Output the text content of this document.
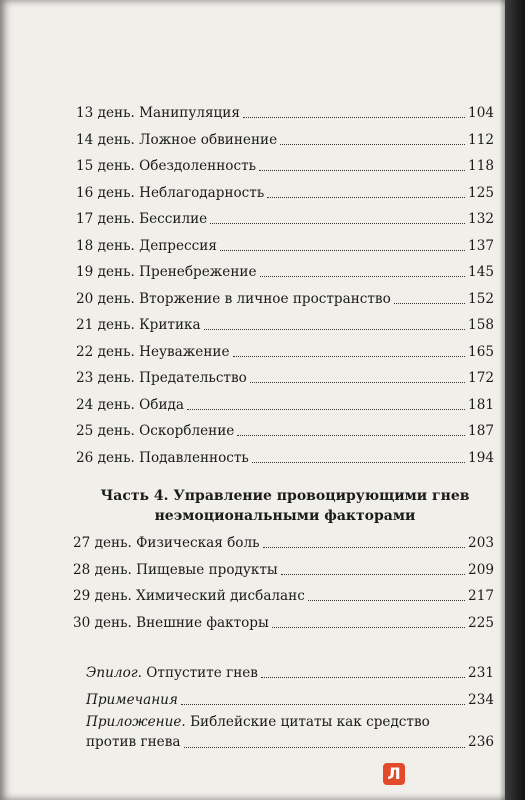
13 день. Манипуляция	104
14 день. Ложное обвинение	112
15 день. Обездоленность	118
16 день. Неблагодарность	125
17 день. Бессилие	132
18 день. Депрессия	137
19 день. Пренебрежение	145
20 день. Вторжение в личное пространство	152
21 день. Критика	158
22 день. Неуважение	165
23 день. Предательство	172
24 день. Обида	181
25 день. Оскорбление	187
26 день. Подавленность	194
Часть 4. Управление провоцирующими гнев
неэмоциональными факторами
27 день. Физическая боль	203
28 день. Пищевые продукты	209
29 день. Химический дисбаланс	217
30 день. Внешние факторы	225
Эпилог. Отпустите гнев	231
Примечания	234
Приложение. Библейские цитаты как средство
против гнева	236
Л
